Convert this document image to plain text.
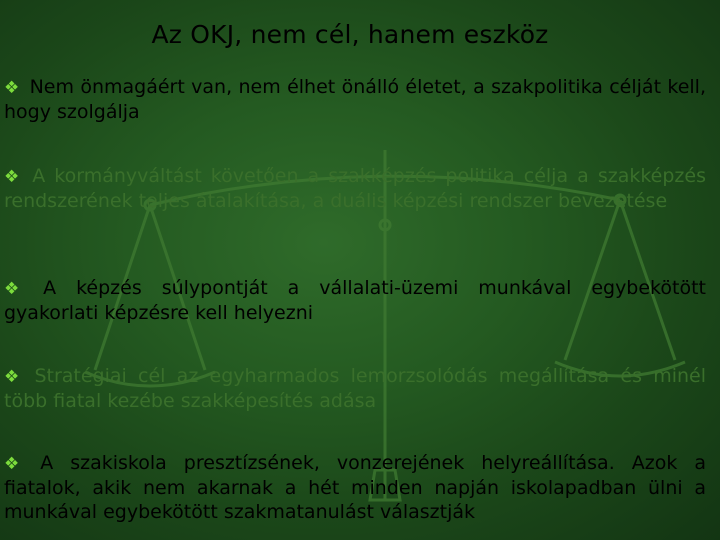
Az OKJ, nem cél, hanem eszköz
❖ Nem önmagáért van, nem élhet önálló életet, a szakpolitika célját kell, hogy szolgálja
❖ A kormányváltást követően a szakképzés politika célja a szakképzés rendszerének teljes átalakítása, a duális képzési rendszer bevezetése
❖ A képzés súlypontját a vállalati-üzemi munkával egybekötött gyakorlati képzésre kell helyezni
❖ Stratégiai cél az egyharmados lemorzsolódás megállítása és minél több fiatal kezébe szakképesítés adása
❖ A szakiskola presztízsének, vonzerejének helyreállítása. Azok a fiatalok, akik nem akarnak a hét minden napján iskolapadban ülni a munkával egybekötött szakmatanulást választják
